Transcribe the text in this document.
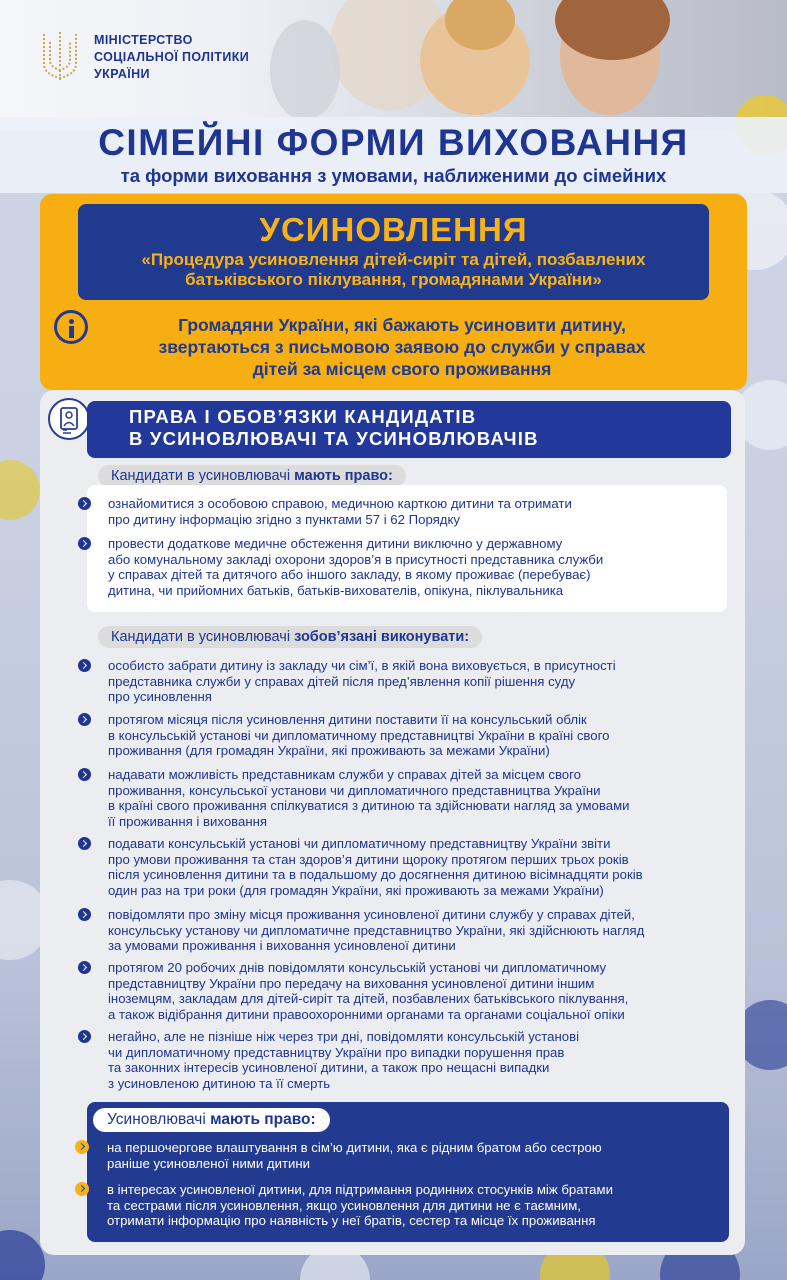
МІНІСТЕРСТВО
СОЦІАЛЬНОЇ ПОЛІТИКИ
УКРАЇНИ
СІМЕЙНІ ФОРМИ ВИХОВАННЯ
та форми виховання з умовами, наближеними до сімейних
УСИНОВЛЕННЯ
«Процедура усиновлення дітей-сиріт та дітей, позбавлених
батьківського піклування, громадянами України»
Громадяни України, які бажають усиновити дитину,
звертаються з письмовою заявою до служби у справах
дітей за місцем свого проживання
ПРАВА І ОБОВ’ЯЗКИ КАНДИДАТІВ
В УСИНОВЛЮВАЧІ ТА УСИНОВЛЮВАЧІВ
Кандидати в усиновлювачі мають право:
ознайомитися з особовою справою, медичною карткою дитини та отримати
про дитину інформацію згідно з пунктами 57 і 62 Порядку
провести додаткове медичне обстеження дитини виключно у державному
або комунальному закладі охорони здоров’я в присутності представника служби
у справах дітей та дитячого або іншого закладу, в якому проживає (перебуває)
дитина, чи прийомних батьків, батьків-вихователів, опікуна, піклувальника
Кандидати в усиновлювачі зобов’язані виконувати:
особисто забрати дитину із закладу чи сім’ї, в якій вона виховується, в присутності
представника служби у справах дітей після пред’явлення копії рішення суду
про усиновлення
протягом місяця після усиновлення дитини поставити її на консульський облік
в консульській установі чи дипломатичному представництві України в країні свого
проживання (для громадян України, які проживають за межами України)
надавати можливість представникам служби у справах дітей за місцем свого
проживання, консульської установи чи дипломатичного представництва України
в країні свого проживання спілкуватися з дитиною та здійснювати нагляд за умовами
її проживання і виховання
подавати консульській установі чи дипломатичному представництву України звіти
про умови проживання та стан здоров’я дитини щороку протягом перших трьох років
після усиновлення дитини та в подальшому до досягнення дитиною вісімнадцяти років
один раз на три роки (для громадян України, які проживають за межами України)
повідомляти про зміну місця проживання усиновленої дитини службу у справах дітей,
консульську установу чи дипломатичне представництво України, які здійснюють нагляд
за умовами проживання і виховання усиновленої дитини
протягом 20 робочих днів повідомляти консульській установі чи дипломатичному
представництву України про передачу на виховання усиновленої дитини іншим
іноземцям, закладам для дітей-сиріт та дітей, позбавлених батьківського піклування,
а також відібрання дитини правоохоронними органами та органами соціальної опіки
негайно, але не пізніше ніж через три дні, повідомляти консульській установі
чи дипломатичному представництву України про випадки порушення прав
та законних інтересів усиновленої дитини, а також про нещасні випадки
з усиновленою дитиною та її смерть
Усиновлювачі мають право:
на першочергове влаштування в сім’ю дитини, яка є рідним братом або сестрою
раніше усиновленої ними дитини
в інтересах усиновленої дитини, для підтримання родинних стосунків між братами
та сестрами після усиновлення, якщо усиновлення для дитини не є таємним,
отримати інформацію про наявність у неї братів, сестер та місце їх проживання
